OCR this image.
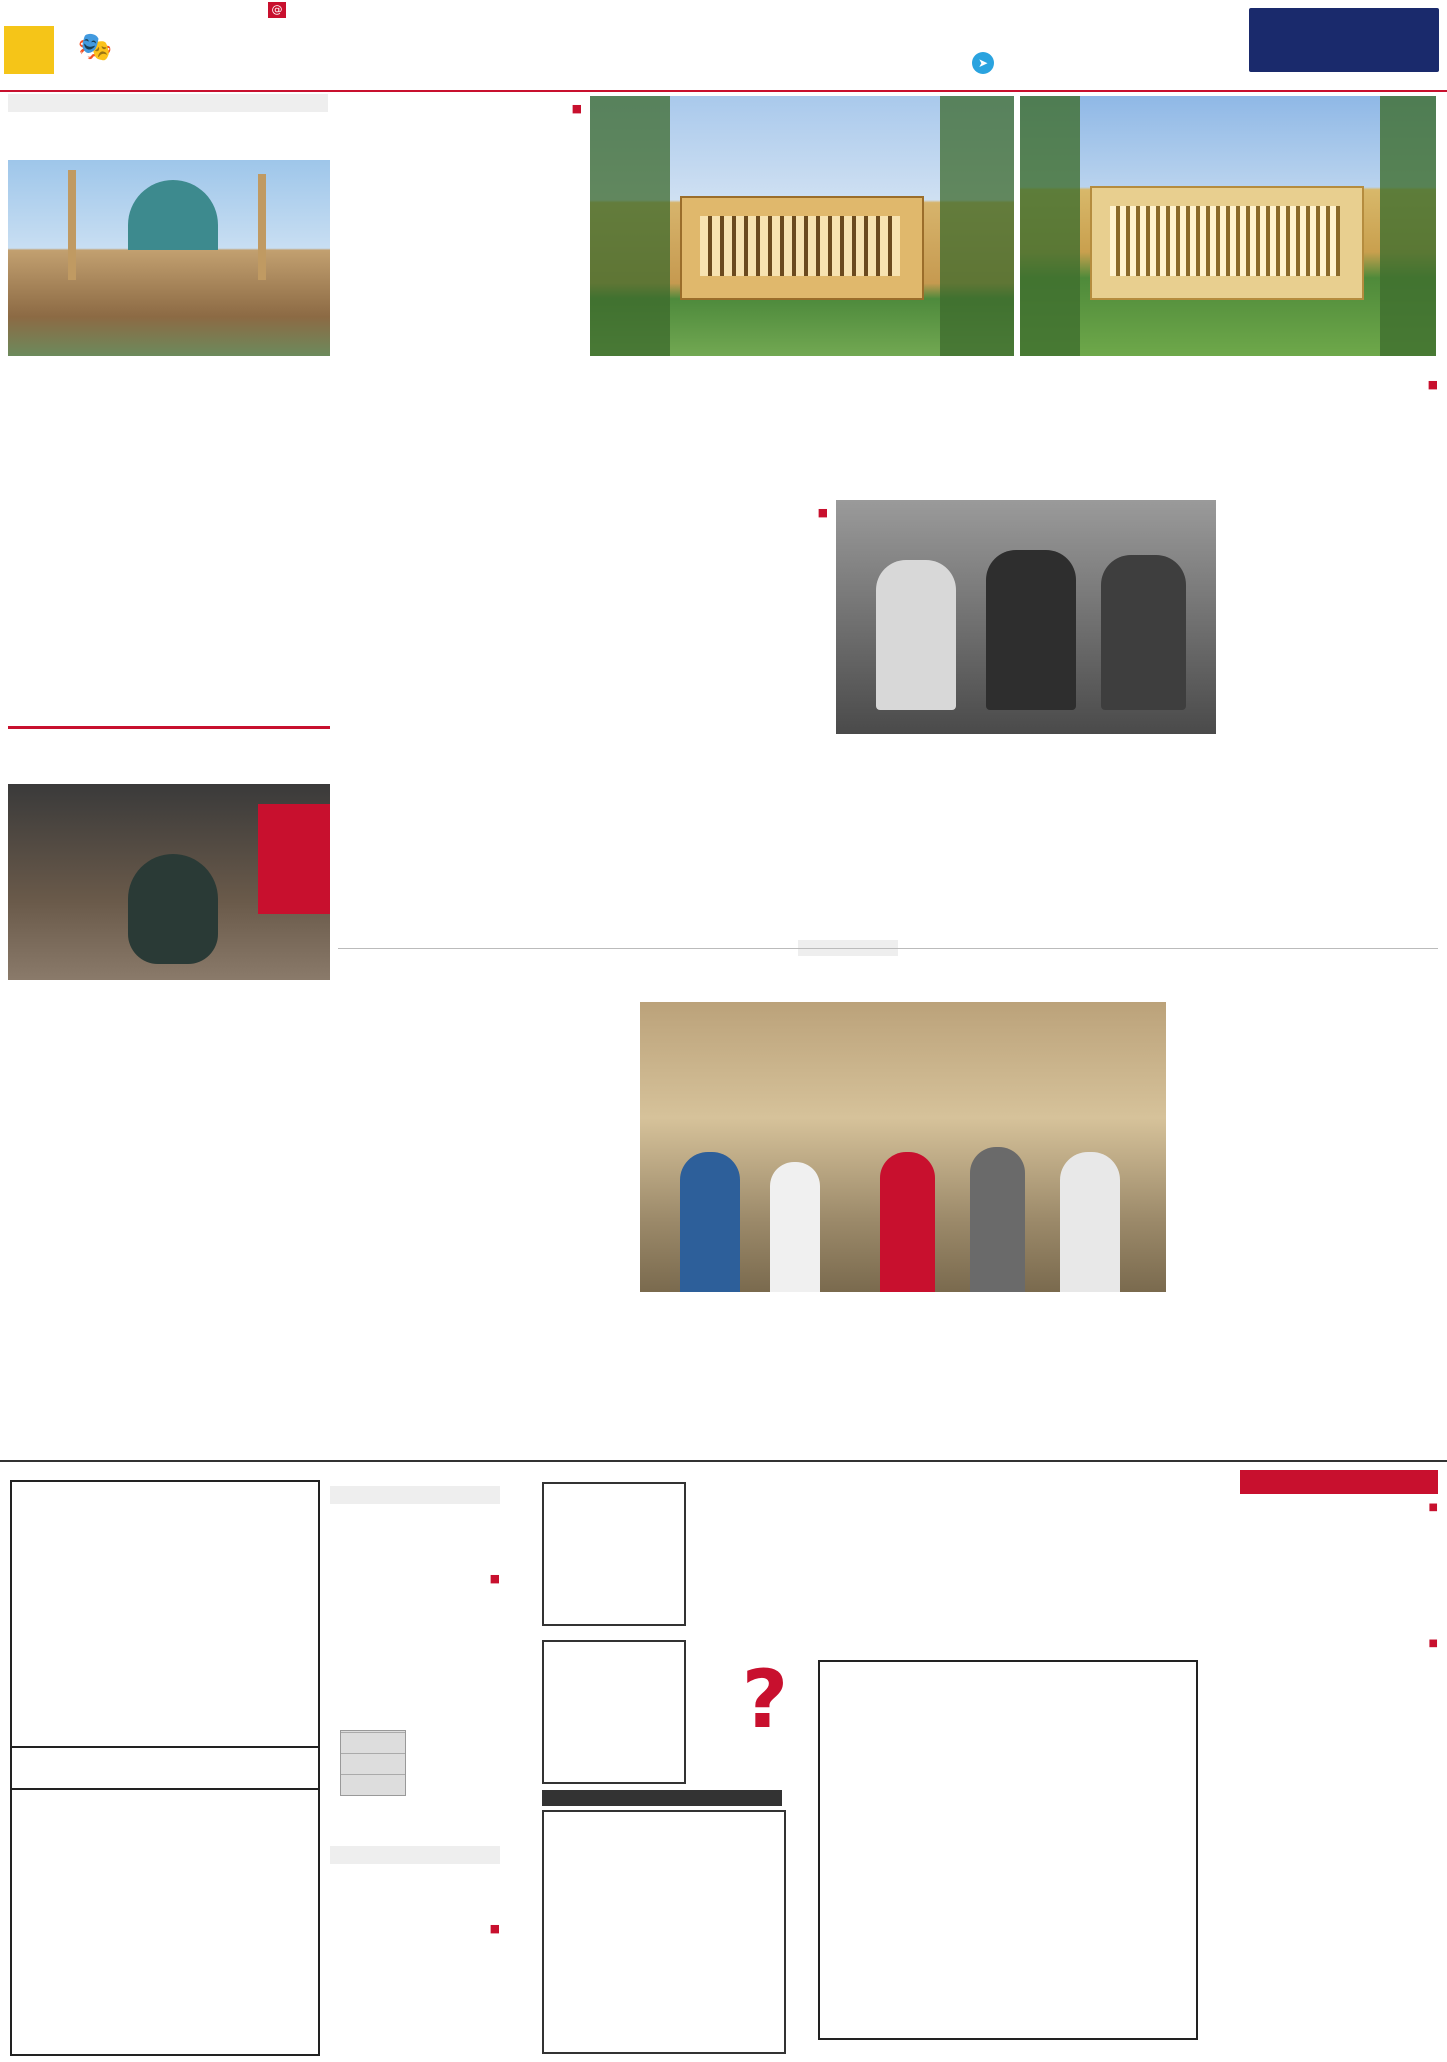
➤
@
🎭

■

■

■

■

■

?

■

■
